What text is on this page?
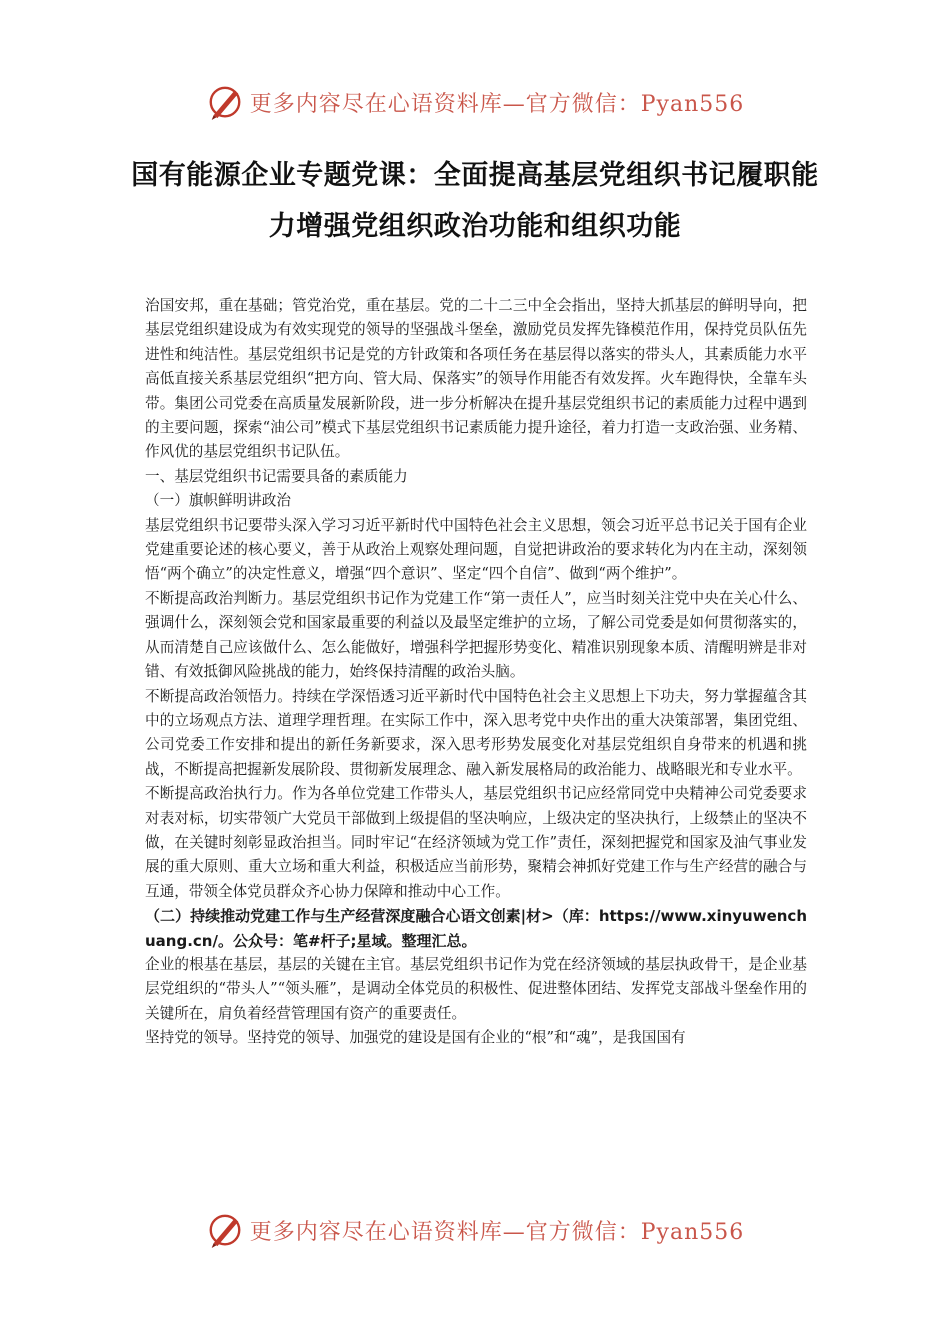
更多内容尽在心语资料库—官方微信：Pyan556
国有能源企业专题党课：全面提高基层党组织书记履职能力增强党组织政治功能和组织功能

治国安邦，重在基础；管党治党，重在基层。党的二十二三中全会指出，坚持大抓基层的鲜明导向，把基层党组织建设成为有效实现党的领导的坚强战斗堡垒，激励党员发挥先锋模范作用，保持党员队伍先进性和纯洁性。基层党组织书记是党的方针政策和各项任务在基层得以落实的带头人，其素质能力水平高低直接关系基层党组织“把方向、管大局、保落实”的领导作用能否有效发挥。火车跑得快，全靠车头带。集团公司党委在高质量发展新阶段，进一步分析解决在提升基层党组织书记的素质能力过程中遇到的主要问题，探索“油公司”模式下基层党组织书记素质能力提升途径，着力打造一支政治强、业务精、作风优的基层党组织书记队伍。

一、基层党组织书记需要具备的素质能力

（一）旗帜鲜明讲政治

基层党组织书记要带头深入学习习近平新时代中国特色社会主义思想，领会习近平总书记关于国有企业党建重要论述的核心要义，善于从政治上观察处理问题，自觉把讲政治的要求转化为内在主动，深刻领悟“两个确立”的决定性意义，增强“四个意识”、坚定“四个自信”、做到“两个维护”。

不断提高政治判断力。基层党组织书记作为党建工作“第一责任人”，应当时刻关注党中央在关心什么、强调什么，深刻领会党和国家最重要的利益以及最坚定维护的立场，了解公司党委是如何贯彻落实的，从而清楚自己应该做什么、怎么能做好，增强科学把握形势变化、精准识别现象本质、清醒明辨是非对错、有效抵御风险挑战的能力，始终保持清醒的政治头脑。

不断提高政治领悟力。持续在学深悟透习近平新时代中国特色社会主义思想上下功夫，努力掌握蕴含其中的立场观点方法、道理学理哲理。在实际工作中，深入思考党中央作出的重大决策部署，集团党组、公司党委工作安排和提出的新任务新要求，深入思考形势发展变化对基层党组织自身带来的机遇和挑战，不断提高把握新发展阶段、贯彻新发展理念、融入新发展格局的政治能力、战略眼光和专业水平。

不断提高政治执行力。作为各单位党建工作带头人，基层党组织书记应经常同党中央精神公司党委要求对表对标，切实带领广大党员干部做到上级提倡的坚决响应，上级决定的坚决执行，上级禁止的坚决不做，在关键时刻彰显政治担当。同时牢记“在经济领域为党工作”责任，深刻把握党和国家及油气事业发展的重大原则、重大立场和重大利益，积极适应当前形势，聚精会神抓好党建工作与生产经营的融合与互通，带领全体党员群众齐心协力保障和推动中心工作。

（二）持续推动党建工作与生产经营深度融合心语文创素|材>（库：https://www.xinyuwenchuang.cn/。公众号：笔#杆子;星域。整理汇总。

企业的根基在基层，基层的关键在主官。基层党组织书记作为党在经济领域的基层执政骨干，是企业基层党组织的“带头人”“领头雁”，是调动全体党员的积极性、促进整体团结、发挥党支部战斗堡垒作用的关键所在，肩负着经营管理国有资产的重要责任。

坚持党的领导。坚持党的领导、加强党的建设是国有企业的“根”和“魂”，是我国国有

更多内容尽在心语资料库—官方微信：Pyan556
